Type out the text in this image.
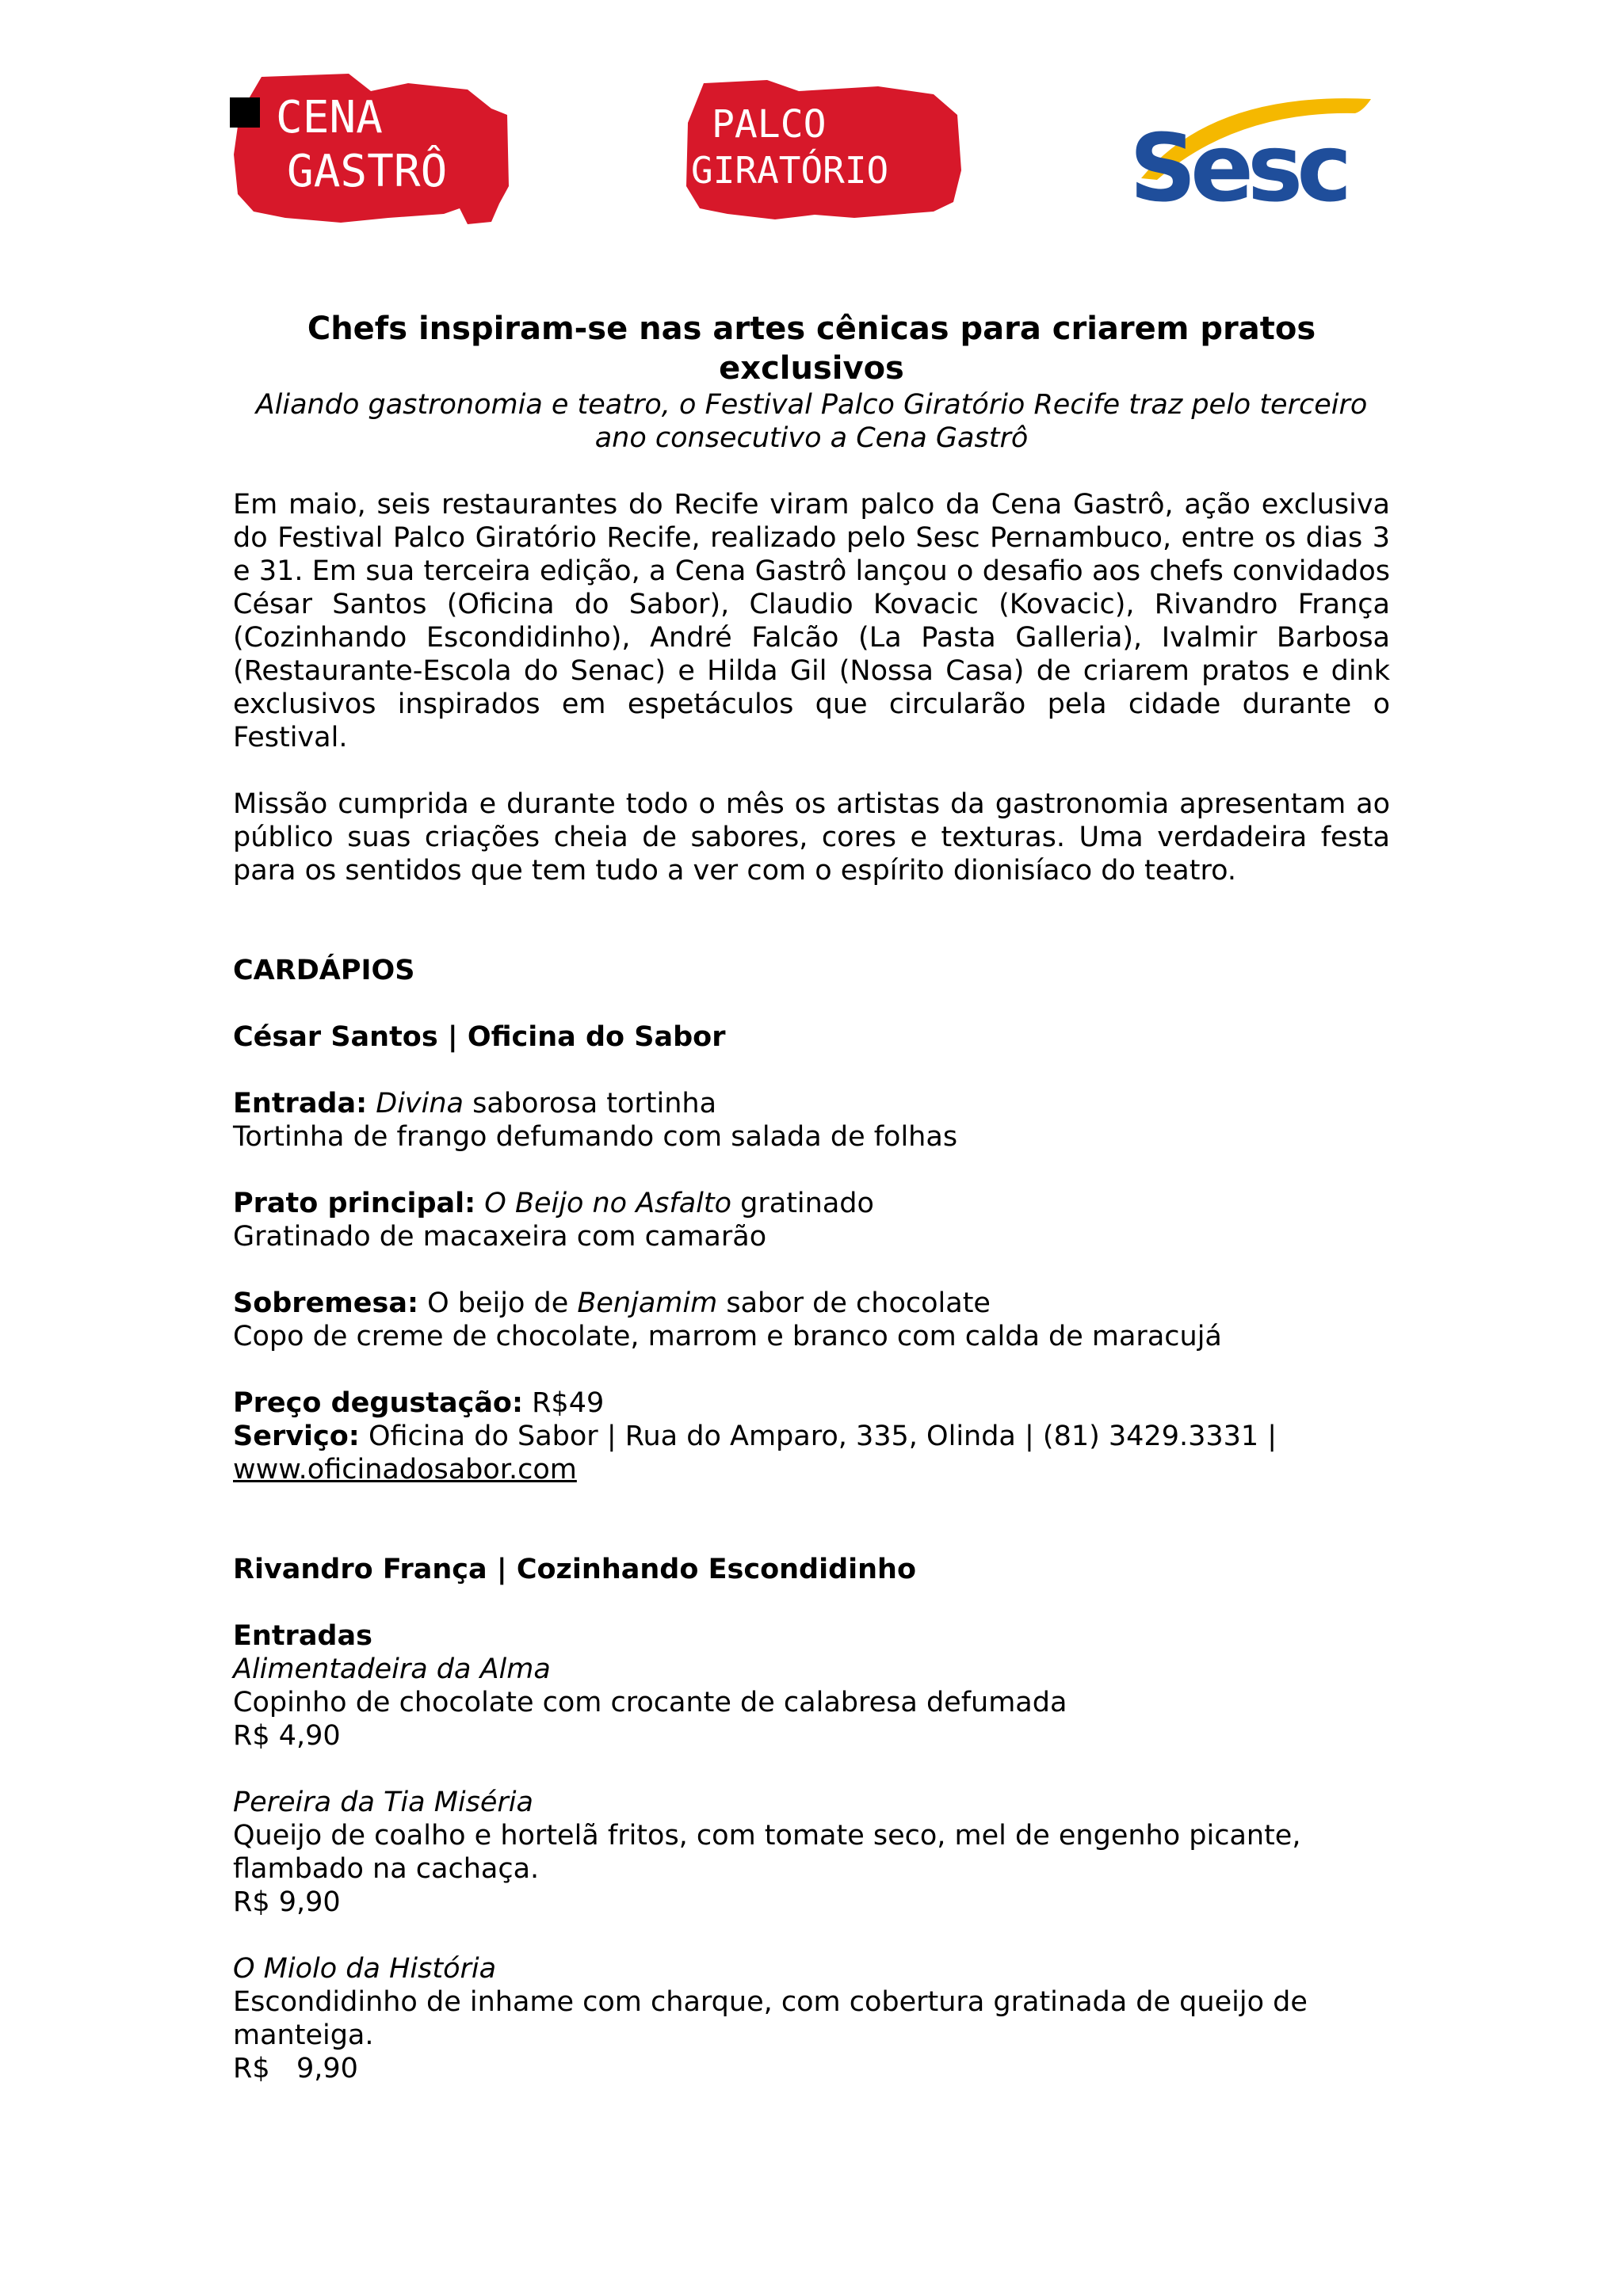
CENA
GASTRÔ
PALCO
GIRATÓRIO	Sesc
Chefs inspiram-se nas artes cênicas para criarem pratos exclusivos

Aliando gastronomia e teatro, o Festival Palco Giratório Recife traz pelo terceiro ano consecutivo a Cena Gastrô

Em maio, seis restaurantes do Recife viram palco da Cena Gastrô, ação exclusiva do Festival Palco Giratório Recife, realizado pelo Sesc Pernambuco, entre os dias 3 e 31. Em sua terceira edição, a Cena Gastrô lançou o desafio aos chefs convidados César Santos (Oficina do Sabor), Claudio Kovacic (Kovacic), Rivandro França (Cozinhando Escondidinho), André Falcão (La Pasta Galleria), Ivalmir Barbosa (Restaurante-Escola do Senac) e Hilda Gil (Nossa Casa) de criarem pratos e dink exclusivos inspirados em espetáculos que circularão pela cidade durante o Festival.

Missão cumprida e durante todo o mês os artistas da gastronomia apresentam ao público suas criações cheia de sabores, cores e texturas. Uma verdadeira festa para os sentidos que tem tudo a ver com o espírito dionisíaco do teatro.

CARDÁPIOS

César Santos | Oficina do Sabor

Entrada: Divina saborosa tortinha

Tortinha de frango defumando com salada de folhas

Prato principal: O Beijo no Asfalto gratinado

Gratinado de macaxeira com camarão

Sobremesa: O beijo de Benjamim sabor de chocolate

Copo de creme de chocolate, marrom e branco com calda de maracujá

Preço degustação: R$49

Serviço: Oficina do Sabor | Rua do Amparo, 335, Olinda | (81) 3429.3331 |

www.oficinadosabor.com

Rivandro França | Cozinhando Escondidinho

Entradas

Alimentadeira da Alma

Copinho de chocolate com crocante de calabresa defumada

R$ 4,90

Pereira da Tia Miséria

Queijo de coalho e hortelã fritos, com tomate seco, mel de engenho picante, flambado na cachaça.

R$ 9,90

O Miolo da História

Escondidinho de inhame com charque, com cobertura gratinada de queijo de manteiga.

R$   9,90
